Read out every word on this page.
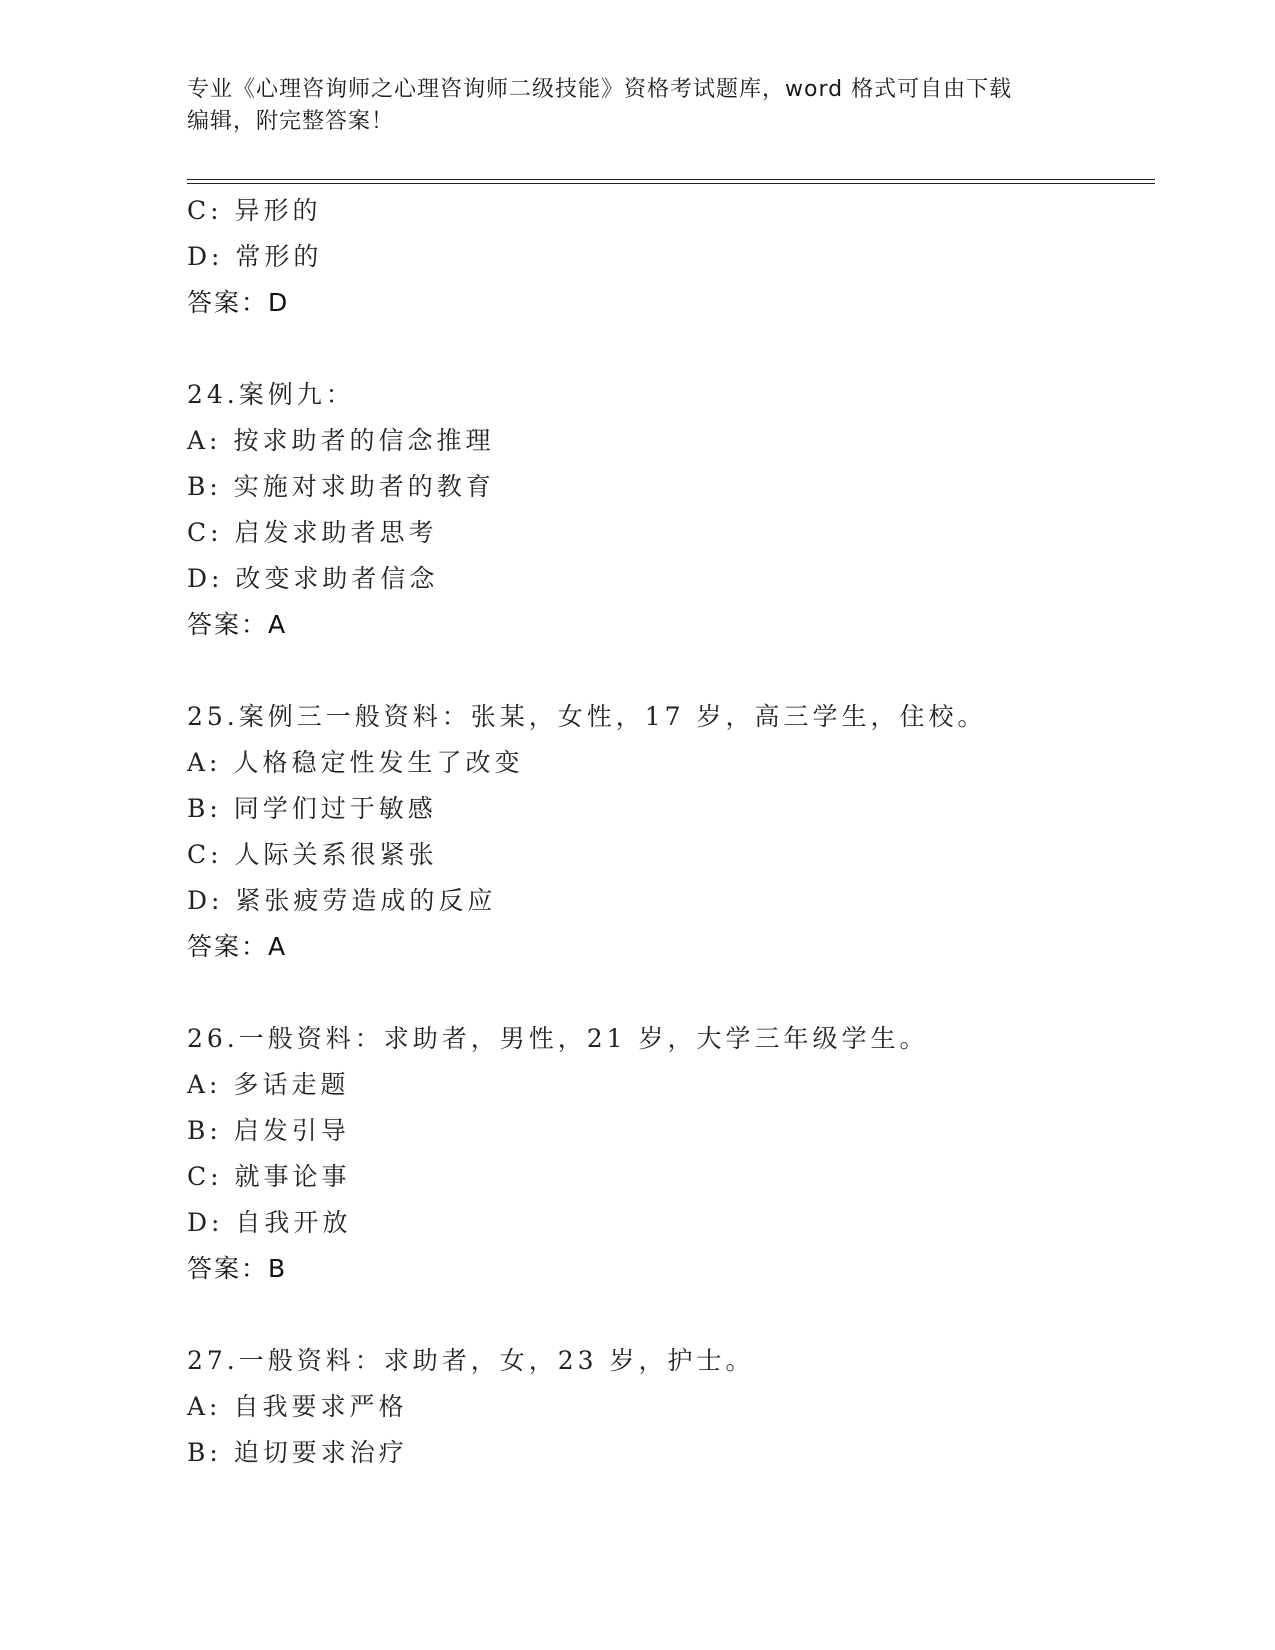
专业《心理咨询师之心理咨询师二级技能》资格考试题库，word 格式可自由下载
编辑，附完整答案！
C: 异形的
D: 常形的
答案：D
24.案例九：
A: 按求助者的信念推理
B: 实施对求助者的教育
C: 启发求助者思考
D: 改变求助者信念
答案：A
25.案例三一般资料：张某，女性，17 岁，高三学生，住校。
A: 人格稳定性发生了改变
B: 同学们过于敏感
C: 人际关系很紧张
D: 紧张疲劳造成的反应
答案：A
26.一般资料：求助者，男性，21 岁，大学三年级学生。
A: 多话走题
B: 启发引导
C: 就事论事
D: 自我开放
答案：B
27.一般资料：求助者，女，23 岁，护士。
A: 自我要求严格
B: 迫切要求治疗
